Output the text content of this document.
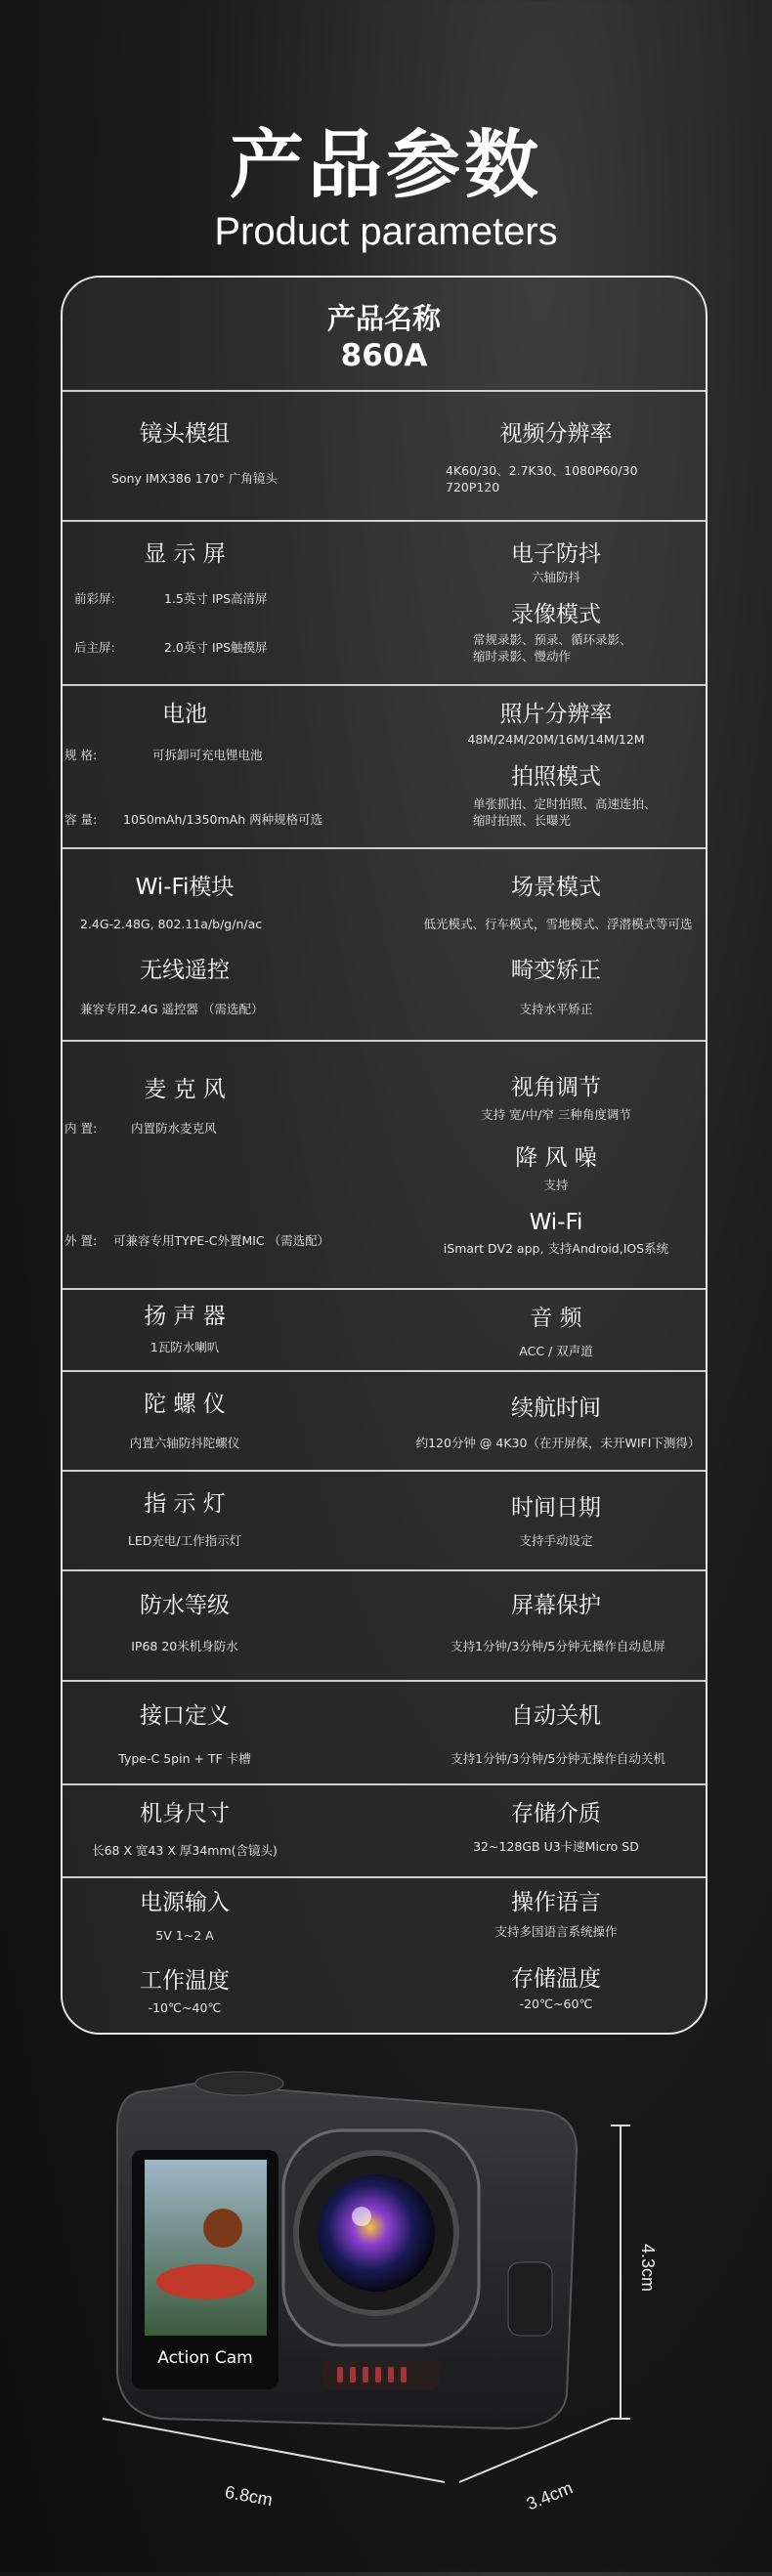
产品参数
Product parameters
产品名称
860A
镜头模组
Sony IMX386 170° 广角镜头
视频分辨率
4K60/30、2.7K30、1080P60/30
720P120
显 示 屏
前彩屏:	1.5英寸 IPS高清屏
后主屏:	2.0英寸 IPS触摸屏
电子防抖
六轴防抖
录像模式
常规录影、预录、循环录影、
缩时录影、慢动作
电池
规 格:	可拆卸可充电锂电池
容 量: 1050mAh/1350mAh 两种规格可选
照片分辨率
48M/24M/20M/16M/14M/12M
拍照模式
单张抓拍、定时拍照、高速连拍、
缩时拍照、长曝光
Wi-Fi模块
2.4G-2.48G, 802.11a/b/g/n/ac
场景模式
低光模式、行车模式，雪地模式、浮潜模式等可选
无线遥控
兼容专用2.4G 遥控器 （需选配）
畸变矫正
支持水平矫正
麦 克 风
内 置:	内置防水麦克风
外 置: 可兼容专用TYPE-C外置MIC （需选配）
视角调节
支持 宽/中/窄 三种角度调节
降 风 噪
支持
Wi-Fi
iSmart DV2 app, 支持Android,IOS系统
扬 声 器
1瓦防水喇叭
音 频
ACC / 双声道
陀 螺 仪
内置六轴防抖陀螺仪
续航时间
约120分钟 @ 4K30（在开屏保，未开WIFI下测得）
指 示 灯
LED充电/工作指示灯
时间日期
支持手动设定
防水等级
IP68 20米机身防水
屏幕保护
支持1分钟/3分钟/5分钟无操作自动息屏
接口定义
Type-C 5pin + TF 卡槽
自动关机
支持1分钟/3分钟/5分钟无操作自动关机
机身尺寸
长68 X 宽43 X 厚34mm(含镜头)
存储介质
32~128GB U3卡速Micro SD
电源输入
5V 1~2 A
操作语言
支持多国语言系统操作
工作温度
-10℃~40℃
存储温度
-20℃~60℃
Action Cam
6.8cm	3.4cm
4.3cm
